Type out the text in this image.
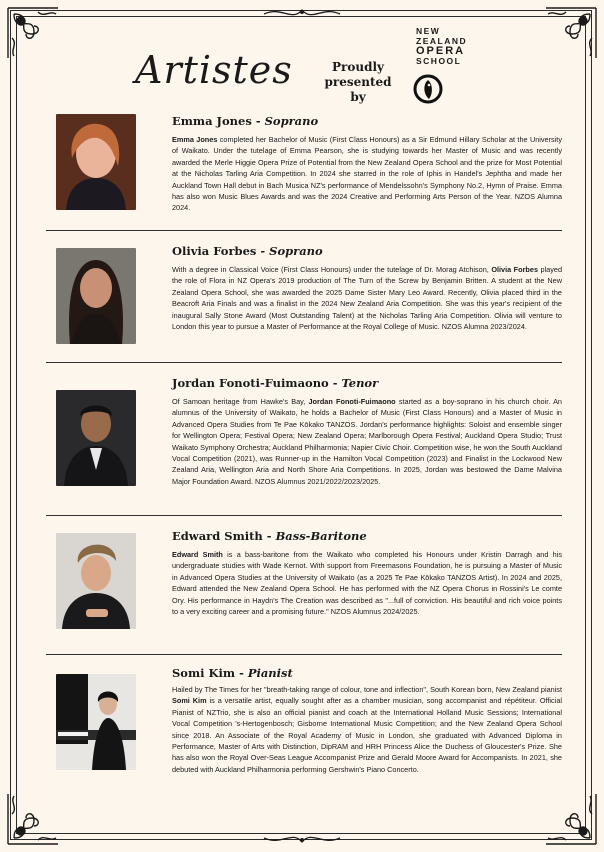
Artistes	Proudly
presented by
NEW
ZEALAND
OPERA
SCHOOL
Emma Jones - Soprano
Emma Jones completed her Bachelor of Music (First Class Honours) as a Sir Edmund Hillary Scholar at the University of Waikato. Under the tutelage of Emma Pearson, she is studying towards her Master of Music and was recently awarded the Merle Higgie Opera Prize of Potential from the New Zealand Opera School and the prize for Most Potential at the Nicholas Tarling Aria Competition. In 2024 she starred in the role of Iphis in Handel's Jephtha and made her Auckland Town Hall debut in Bach Musica NZ's performance of Mendelssohn's Symphony No.2, Hymn of Praise. Emma has also won Music Blues Awards and was the 2024 Creative and Performing Arts Person of the Year. NZOS Alumna 2024.
Olivia Forbes - Soprano
With a degree in Classical Voice (First Class Honours) under the tutelage of Dr. Morag Atchison, Olivia Forbes played the role of Flora in NZ Opera's 2019 production of The Turn of the Screw by Benjamin Britten. A student at the New Zealand Opera School, she was awarded the 2025 Dame Sister Mary Leo Award. Recently, Olivia placed third in the Beacroft Aria Finals and was a finalist in the 2024 New Zealand Aria Competition. She was this year's recipient of the inaugural Sally Stone Award (Most Outstanding Talent) at the Nicholas Tarling Aria Competition. Olivia will venture to London this year to pursue a Master of Performance at the Royal College of Music. NZOS Alumna 2023/2024.
Jordan Fonoti-Fuimaono - Tenor
Of Samoan heritage from Hawke's Bay, Jordan Fonoti-Fuimaono started as a boy-soprano in his church choir. An alumnus of the University of Waikato, he holds a Bachelor of Music (First Class Honours) and a Master of Music in Advanced Opera Studies from Te Pae Kōkako TANZOS. Jordan's performance highlights: Soloist and ensemble singer for Wellington Opera; Festival Opera; New Zealand Opera; Marlborough Opera Festival; Auckland Opera Studio; Trust Waikato Symphony Orchestra; Auckland Philharmonia; Napier Civic Choir. Competition wise, he won the South Auckland Vocal Competition (2021), was Runner-up in the Hamilton Vocal Competition (2023) and Finalist in the Lockwood New Zealand Aria, Wellington Aria and North Shore Aria Competitions. In 2025, Jordan was bestowed the Dame Malvina Major Foundation Award. NZOS Alumnus 2021/2022/2023/2025.
Edward Smith - Bass-Baritone
Edward Smith is a bass-baritone from the Waikato who completed his Honours under Kristin Darragh and his undergraduate studies with Wade Kernot. With support from Freemasons Foundation, he is pursuing a Master of Music in Advanced Opera Studies at the University of Waikato (as a 2025 Te Pae Kōkako TANZOS Artist). In 2024 and 2025, Edward attended the New Zealand Opera School. He has performed with the NZ Opera Chorus in Rossini's Le comte Ory. His performance in Haydn's The Creation was described as "...full of conviction. His beautiful and rich voice points to a very exciting career and a promising future." NZOS Alumnus 2024/2025.
Somi Kim - Pianist
Hailed by The Times for her "breath-taking range of colour, tone and inflection", South Korean born, New Zealand pianist Somi Kim is a versatile artist, equally sought after as a chamber musician, song accompanist and répétiteur. Official Pianist of NZTrio, she is also an official pianist and coach at the International Holland Music Sessions; International Vocal Competition 's-Hertogenbosch; Gisborne International Music Competition; and the New Zealand Opera School since 2018. An Associate of the Royal Academy of Music in London, she graduated with Advanced Diploma in Performance, Master of Arts with Distinction, DipRAM and HRH Princess Alice the Duchess of Gloucester's Prize. She has also won the Royal Over-Seas League Accompanist Prize and Gerald Moore Award for Accompanists. In 2021, she debuted with Auckland Philharmonia performing Gershwin's Piano Concerto.
